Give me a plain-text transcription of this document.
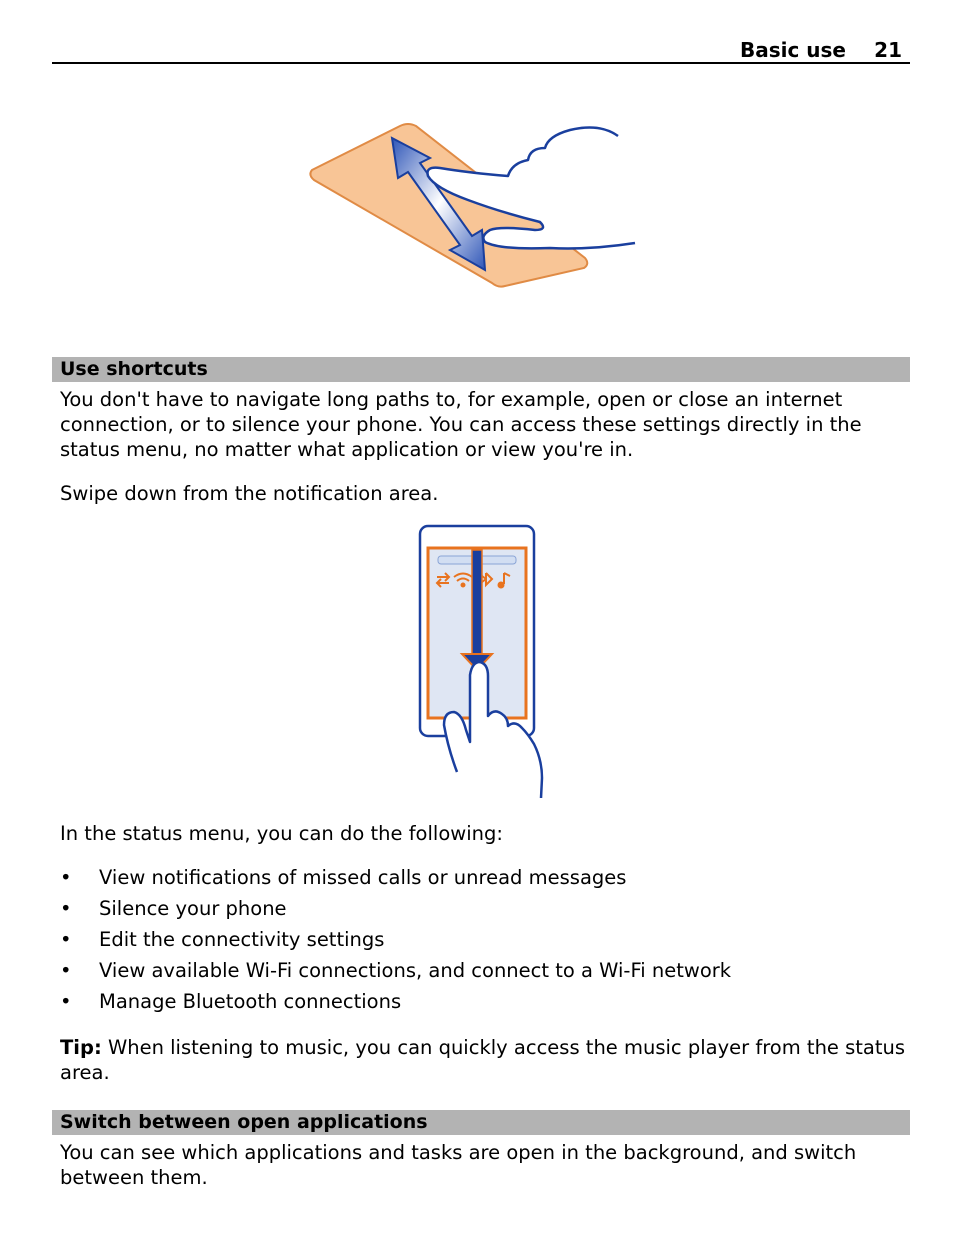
Basic use 21
Use shortcuts

You don't have to navigate long paths to, for example, open or close an internet connection, or to silence your phone. You can access these settings directly in the status menu, no matter what application or view you're in.

Swipe down from the notification area.

In the status menu, you can do the following:

• View notifications of missed calls or unread messages
• Silence your phone
• Edit the connectivity settings
• View available Wi-Fi connections, and connect to a Wi-Fi network
• Manage Bluetooth connections

Tip: When listening to music, you can quickly access the music player from the status area.

Switch between open applications

You can see which applications and tasks are open in the background, and switch between them.
